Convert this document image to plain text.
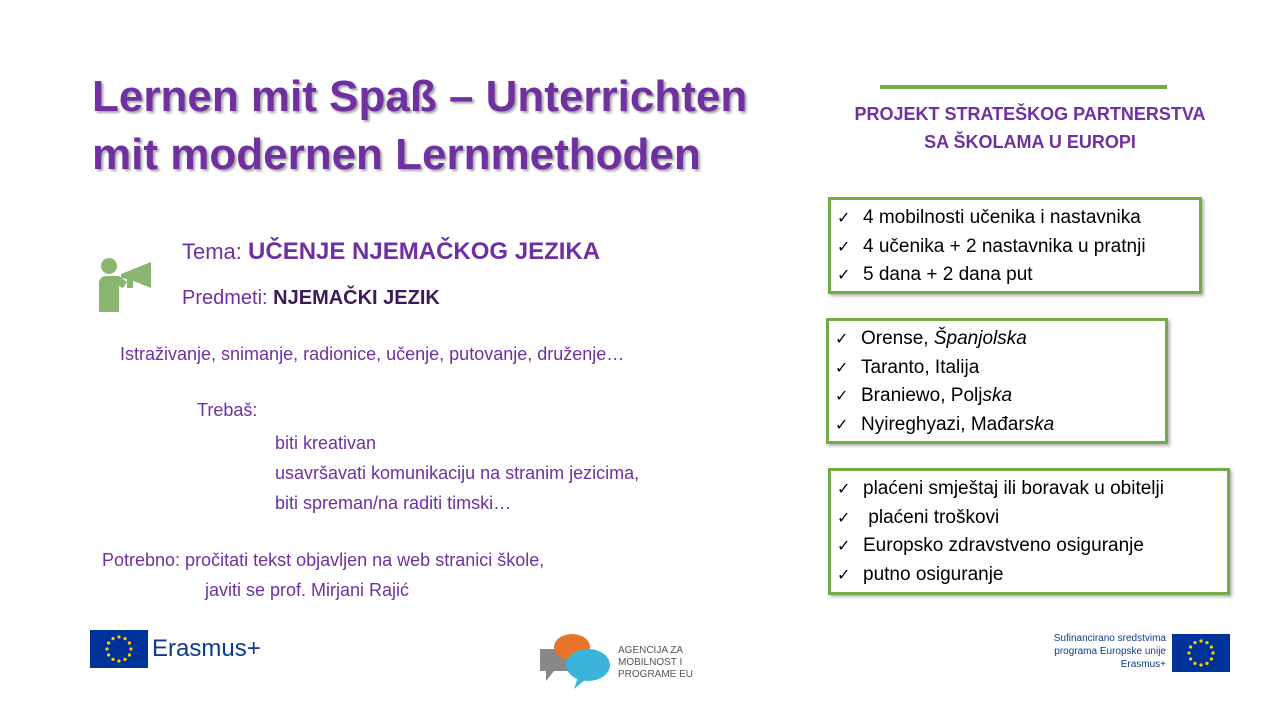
Lernen mit Spaß – Unterrichten
mit modernen Lernmethoden
PROJEKT STRATEŠKOG PARTNERSTVA
SA ŠKOLAMA U EUROPI
Tema: UČENJE NJEMAČKOG JEZIKA
Predmeti: NJEMAČKI JEZIK
Istraživanje, snimanje, radionice, učenje, putovanje, druženje…
Trebaš:
biti kreativan
usavršavati komunikaciju na stranim jezicima,
biti spreman/na raditi timski…
Potrebno: pročitati tekst objavljen na web stranici škole,
javiti se prof. Mirjani Rajić
✓ 4 mobilnosti učenika i nastavnika
✓ 4 učenika + 2 nastavnika u pratnji
✓ 5 dana + 2 dana put
✓ Orense, Španjolska
✓ Taranto, Italija
✓ Braniewo, Poljska
✓ Nyireghyazi, Mađarska
✓ plaćeni smještaj ili boravak u obitelji
✓ plaćeni troškovi
✓ Europsko zdravstveno osiguranje
✓ putno osiguranje
Erasmus+	AGENCIJA ZA
MOBILNOST I
PROGRAME EU
Sufinancirano sredstvima
programa Europske unije
Erasmus+
